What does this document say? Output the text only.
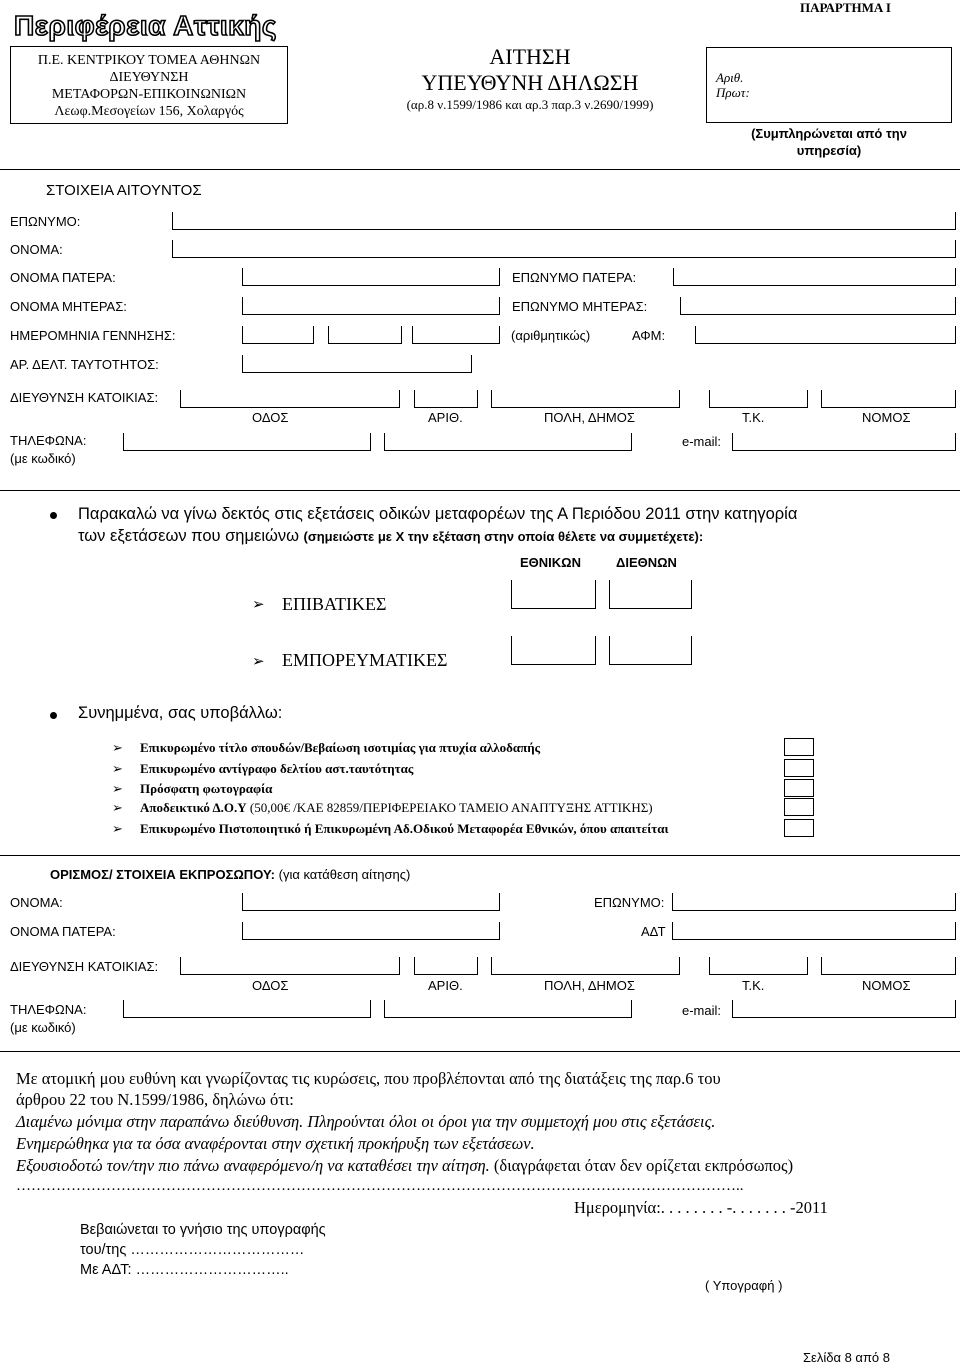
Περιφέρεια Αττικής
ΠΑΡΑΡΤΗΜΑ Ι
Π.Ε. ΚΕΝΤΡΙΚΟΥ ΤΟΜΕΑ ΑΘΗΝΩΝ
ΔΙΕΥΘΥΝΣΗ
ΜΕΤΑΦΟΡΩΝ-ΕΠΙΚΟΙΝΩΝΙΩΝ
Λεωφ.Μεσογείων 156, Χολαργός
ΑΙΤΗΣΗ
ΥΠΕΥΘΥΝΗ ΔΗΛΩΣΗ
(αρ.8 ν.1599/1986 και αρ.3 παρ.3 ν.2690/1999)
Αριθ.
Πρωτ:
(Συμπληρώνεται από την
υπηρεσία)
ΣΤΟΙΧΕΙΑ ΑΙΤΟΥΝΤΟΣ
ΕΠΩΝΥΜΟ:
ΟΝΟΜΑ:
ΟΝΟΜΑ ΠΑΤΕΡΑ:	ΕΠΩΝΥΜΟ ΠΑΤΕΡΑ:
ΟΝΟΜΑ ΜΗΤΕΡΑΣ:	ΕΠΩΝΥΜΟ ΜΗΤΕΡΑΣ:
ΗΜΕΡΟΜΗΝΙΑ ΓΕΝΝΗΣΗΣ:	(αριθμητικώς)	ΑΦΜ:
ΑΡ. ΔΕΛΤ. ΤΑΥΤΟΤΗΤΟΣ:
ΔΙΕΥΘΥΝΣΗ ΚΑΤΟΙΚΙΑΣ:
ΟΔΟΣ	ΑΡΙΘ.	ΠΟΛΗ, ΔΗΜΟΣ	Τ.Κ.	ΝΟΜΟΣ
ΤΗΛΕΦΩΝΑ:
(με κωδικό)
e-mail:
Παρακαλώ να γίνω δεκτός στις εξετάσεις οδικών μεταφορέων της Α Περιόδου 2011 στην κατηγορία
των εξετάσεων που σημειώνω (σημειώστε με Χ την εξέταση στην οποία θέλετε να συμμετέχετε):
ΕΘΝΙΚΩΝ	ΔΙΕΘΝΩΝ
➢ ΕΠΙΒΑΤΙΚΕΣ
➢ ΕΜΠΟΡΕΥΜΑΤΙΚΕΣ
Συνημμένα, σας υποβάλλω:
➢ Επικυρωμένο τίτλο σπουδών/Βεβαίωση ισοτιμίας για πτυχία αλλοδαπής
➢ Επικυρωμένο αντίγραφο δελτίου αστ.ταυτότητας
➢ Πρόσφατη φωτογραφία
➢ Αποδεικτικό Δ.Ο.Υ (50,00€ /ΚΑΕ 82859/ΠΕΡΙΦΕΡΕΙΑΚΟ ΤΑΜΕΙΟ ΑΝΑΠΤΥΞΗΣ ΑΤΤΙΚΗΣ)
➢ Επικυρωμένο Πιστοποιητικό ή Επικυρωμένη Αδ.Οδικού Μεταφορέα Εθνικών, όπου απαιτείται
ΟΡΙΣΜΟΣ/ ΣΤΟΙΧΕΙΑ ΕΚΠΡΟΣΩΠΟΥ: (για κατάθεση αίτησης)
ΟΝΟΜΑ:	ΕΠΩΝΥΜΟ:
ΟΝΟΜΑ ΠΑΤΕΡΑ:	ΑΔΤ
ΔΙΕΥΘΥΝΣΗ ΚΑΤΟΙΚΙΑΣ:
ΟΔΟΣ	ΑΡΙΘ.	ΠΟΛΗ, ΔΗΜΟΣ	Τ.Κ.	ΝΟΜΟΣ
ΤΗΛΕΦΩΝΑ:
(με κωδικό)
e-mail:
Με ατομική μου ευθύνη και γνωρίζοντας τις κυρώσεις, που προβλέπονται από της διατάξεις της παρ.6 του
άρθρου 22 του Ν.1599/1986, δηλώνω ότι:
Διαμένω μόνιμα στην παραπάνω διεύθυνση. Πληρούνται όλοι οι όροι για την συμμετοχή μου στις εξετάσεις.
Ενημερώθηκα για τα όσα αναφέρονται στην σχετική προκήρυξη των εξετάσεων.
Εξουσιοδοτώ τον/την πιο πάνω αναφερόμενο/η να καταθέσει την αίτηση. (διαγράφεται όταν δεν ορίζεται εκπρόσωπος)
………………………………………………………………………………………………………………………………..
Ημερομηνία:. . . . . . . . -. . . . . . . -2011
Βεβαιώνεται το γνήσιο της υπογραφής
του/της ………………………………
Με ΑΔΤ: …………………………..
( Υπογραφή )
Σελίδα 8 από 8
